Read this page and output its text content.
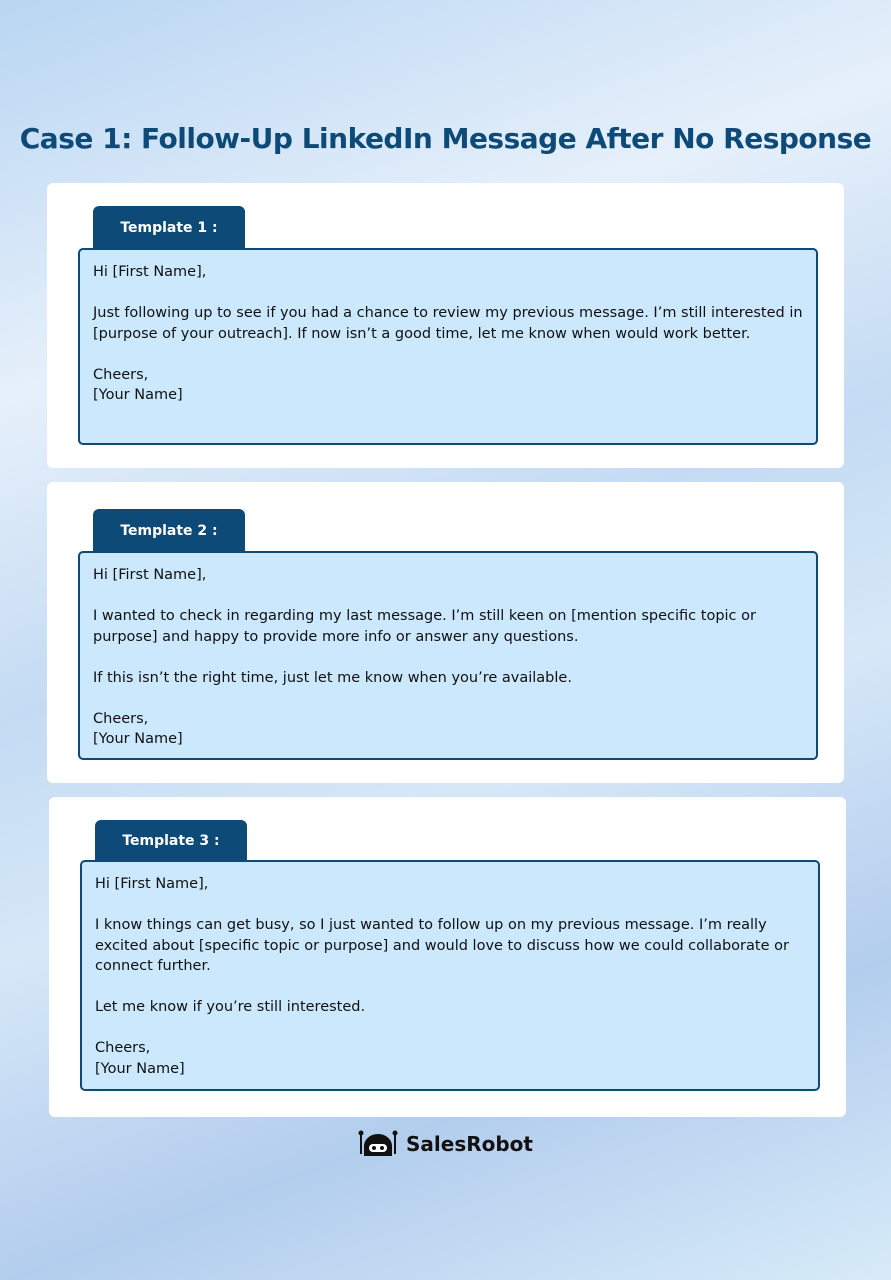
Case 1: Follow-Up LinkedIn Message After No Response
Template 1 :

Hi [First Name],

Just following up to see if you had a chance to review my previous message. I’m still interested in [purpose of your outreach]. If now isn’t a good time, let me know when would work better.

Cheers,
[Your Name]

Template 2 :

Hi [First Name],

I wanted to check in regarding my last message. I’m still keen on [mention specific topic or purpose] and happy to provide more info or answer any questions.

If this isn’t the right time, just let me know when you’re available.

Cheers,
[Your Name]

Template 3 :

Hi [First Name],

I know things can get busy, so I just wanted to follow up on my previous message. I’m really excited about [specific topic or purpose] and would love to discuss how we could collaborate or connect further.

Let me know if you’re still interested.

Cheers,
[Your Name]

SalesRobot
